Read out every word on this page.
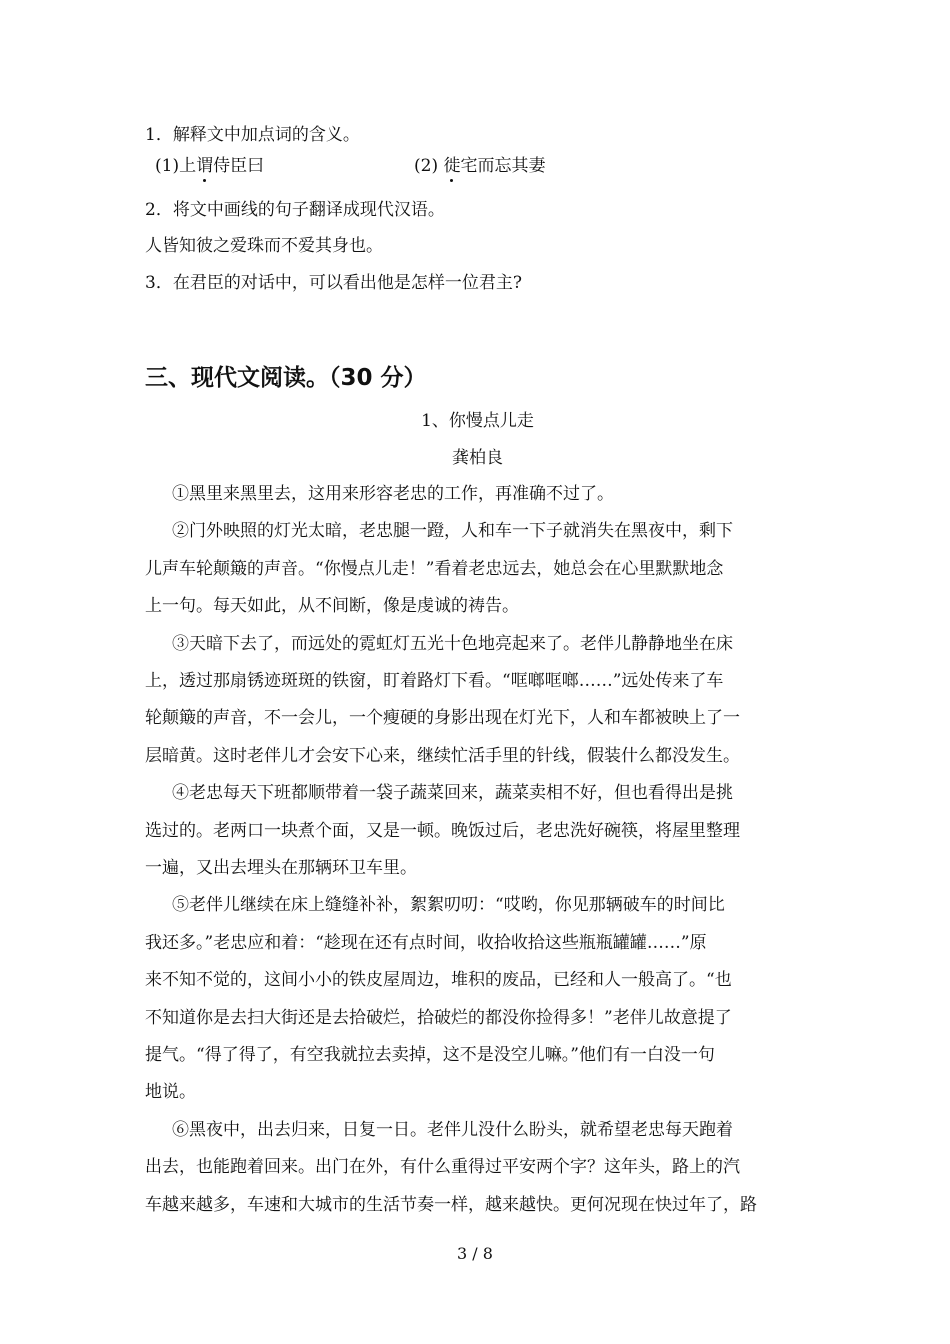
1．解释文中加点词的含义。
(1)上谓侍臣曰	(2) 徙宅而忘其妻
2．将文中画线的句子翻译成现代汉语。
人皆知彼之爱珠而不爱其身也。
3．在君臣的对话中，可以看出他是怎样一位君主?
三、现代文阅读。（30 分）
1、你慢点儿走
龚柏良
①黑里来黑里去，这用来形容老忠的工作，再准确不过了。
②门外映照的灯光太暗，老忠腿一蹬，人和车一下子就消失在黑夜中，剩下
儿声车轮颠簸的声音。“你慢点儿走！”看着老忠远去，她总会在心里默默地念
上一句。每天如此，从不间断，像是虔诚的祷告。
③天暗下去了，而远处的霓虹灯五光十色地亮起来了。老伴儿静静地坐在床
上，透过那扇锈迹斑斑的铁窗，盯着路灯下看。“哐啷哐啷……”远处传来了车
轮颠簸的声音，不一会儿，一个瘦硬的身影出现在灯光下，人和车都被映上了一
层暗黄。这时老伴儿才会安下心来，继续忙活手里的针线，假装什么都没发生。
④老忠每天下班都顺带着一袋子蔬菜回来，蔬菜卖相不好，但也看得出是挑
选过的。老两口一块煮个面，又是一顿。晚饭过后，老忠洗好碗筷，将屋里整理
一遍，又出去埋头在那辆环卫车里。
⑤老伴儿继续在床上缝缝补补，絮絮叨叨：“哎哟，你见那辆破车的时间比
我还多。”老忠应和着：“趁现在还有点时间，收拾收拾这些瓶瓶罐罐……”原
来不知不觉的，这间小小的铁皮屋周边，堆积的废品，已经和人一般高了。“也
不知道你是去扫大街还是去拾破烂，拾破烂的都没你捡得多！”老伴儿故意提了
提气。“得了得了，有空我就拉去卖掉，这不是没空儿嘛。”他们有一白没一句
地说。
⑥黑夜中，出去归来，日复一日。老伴儿没什么盼头，就希望老忠每天跑着
出去，也能跑着回来。出门在外，有什么重得过平安两个字？这年头，路上的汽
车越来越多，车速和大城市的生活节奏一样，越来越快。更何况现在快过年了，路
3 / 8
